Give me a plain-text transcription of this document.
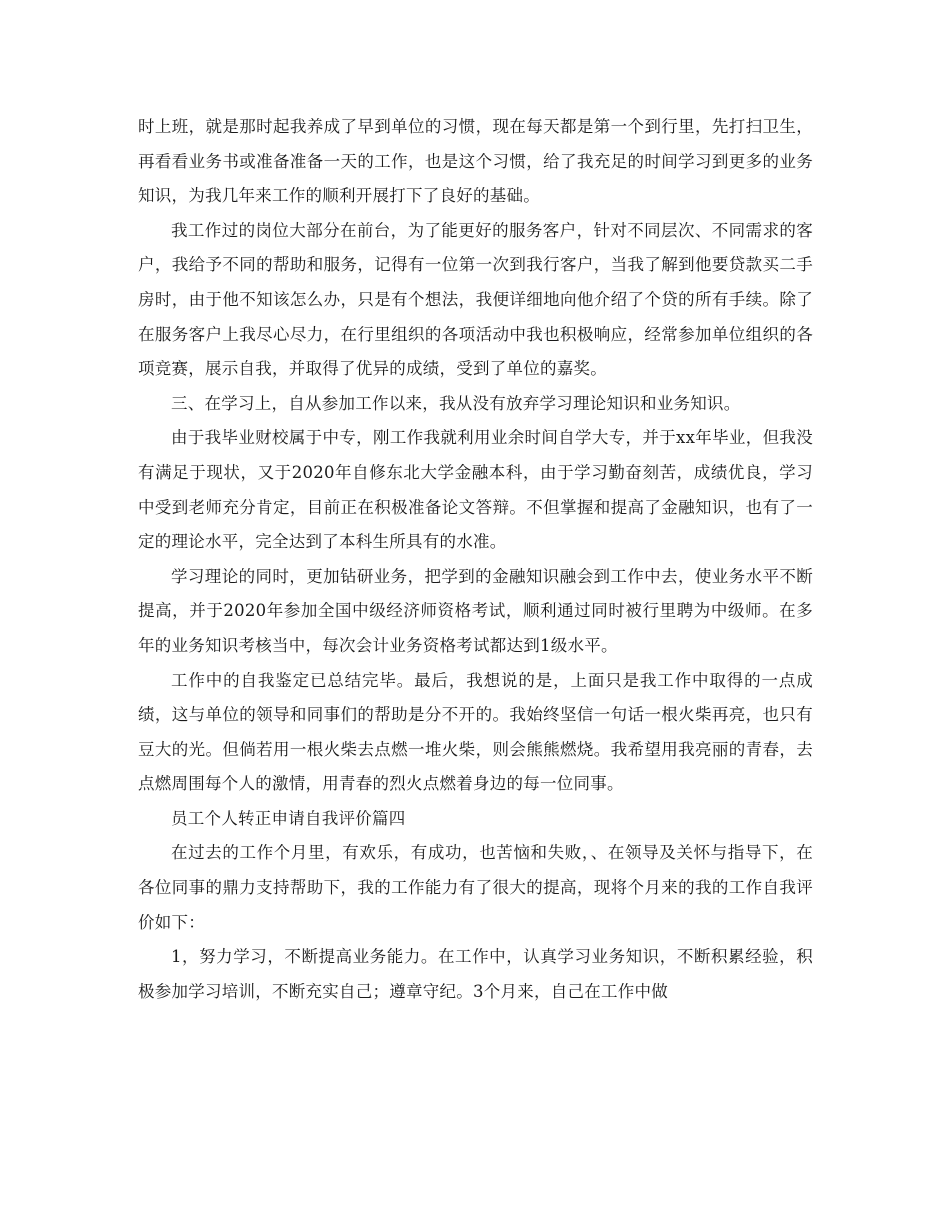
时上班，就是那时起我养成了早到单位的习惯，现在每天都是第一个到行里，先打扫卫生，再看看业务书或准备准备一天的工作，也是这个习惯，给了我充足的时间学习到更多的业务知识，为我几年来工作的顺利开展打下了良好的基础。

我工作过的岗位大部分在前台，为了能更好的服务客户，针对不同层次、不同需求的客户，我给予不同的帮助和服务，记得有一位第一次到我行客户，当我了解到他要贷款买二手房时，由于他不知该怎么办，只是有个想法，我便详细地向他介绍了个贷的所有手续。除了在服务客户上我尽心尽力，在行里组织的各项活动中我也积极响应，经常参加单位组织的各项竞赛，展示自我，并取得了优异的成绩，受到了单位的嘉奖。

三、在学习上，自从参加工作以来，我从没有放弃学习理论知识和业务知识。

由于我毕业财校属于中专，刚工作我就利用业余时间自学大专，并于xx年毕业，但我没有满足于现状，又于2020年自修东北大学金融本科，由于学习勤奋刻苦，成绩优良，学习中受到老师充分肯定，目前正在积极准备论文答辩。不但掌握和提高了金融知识，也有了一定的理论水平，完全达到了本科生所具有的水准。

学习理论的同时，更加钻研业务，把学到的金融知识融会到工作中去，使业务水平不断提高，并于2020年参加全国中级经济师资格考试，顺利通过同时被行里聘为中级师。在多年的业务知识考核当中，每次会计业务资格考试都达到1级水平。

工作中的自我鉴定已总结完毕。最后，我想说的是，上面只是我工作中取得的一点成绩，这与单位的领导和同事们的帮助是分不开的。我始终坚信一句话一根火柴再亮，也只有豆大的光。但倘若用一根火柴去点燃一堆火柴，则会熊熊燃烧。我希望用我亮丽的青春，去点燃周围每个人的激情，用青春的烈火点燃着身边的每一位同事。

员工个人转正申请自我评价篇四

在过去的工作个月里，有欢乐，有成功，也苦恼和失败，、在领导及关怀与指导下，在各位同事的鼎力支持帮助下，我的工作能力有了很大的提高，现将个月来的我的工作自我评价如下：

1，努力学习，不断提高业务能力。在工作中，认真学习业务知识，不断积累经验，积极参加学习培训，不断充实自己；遵章守纪。3个月来，自己在工作中做
